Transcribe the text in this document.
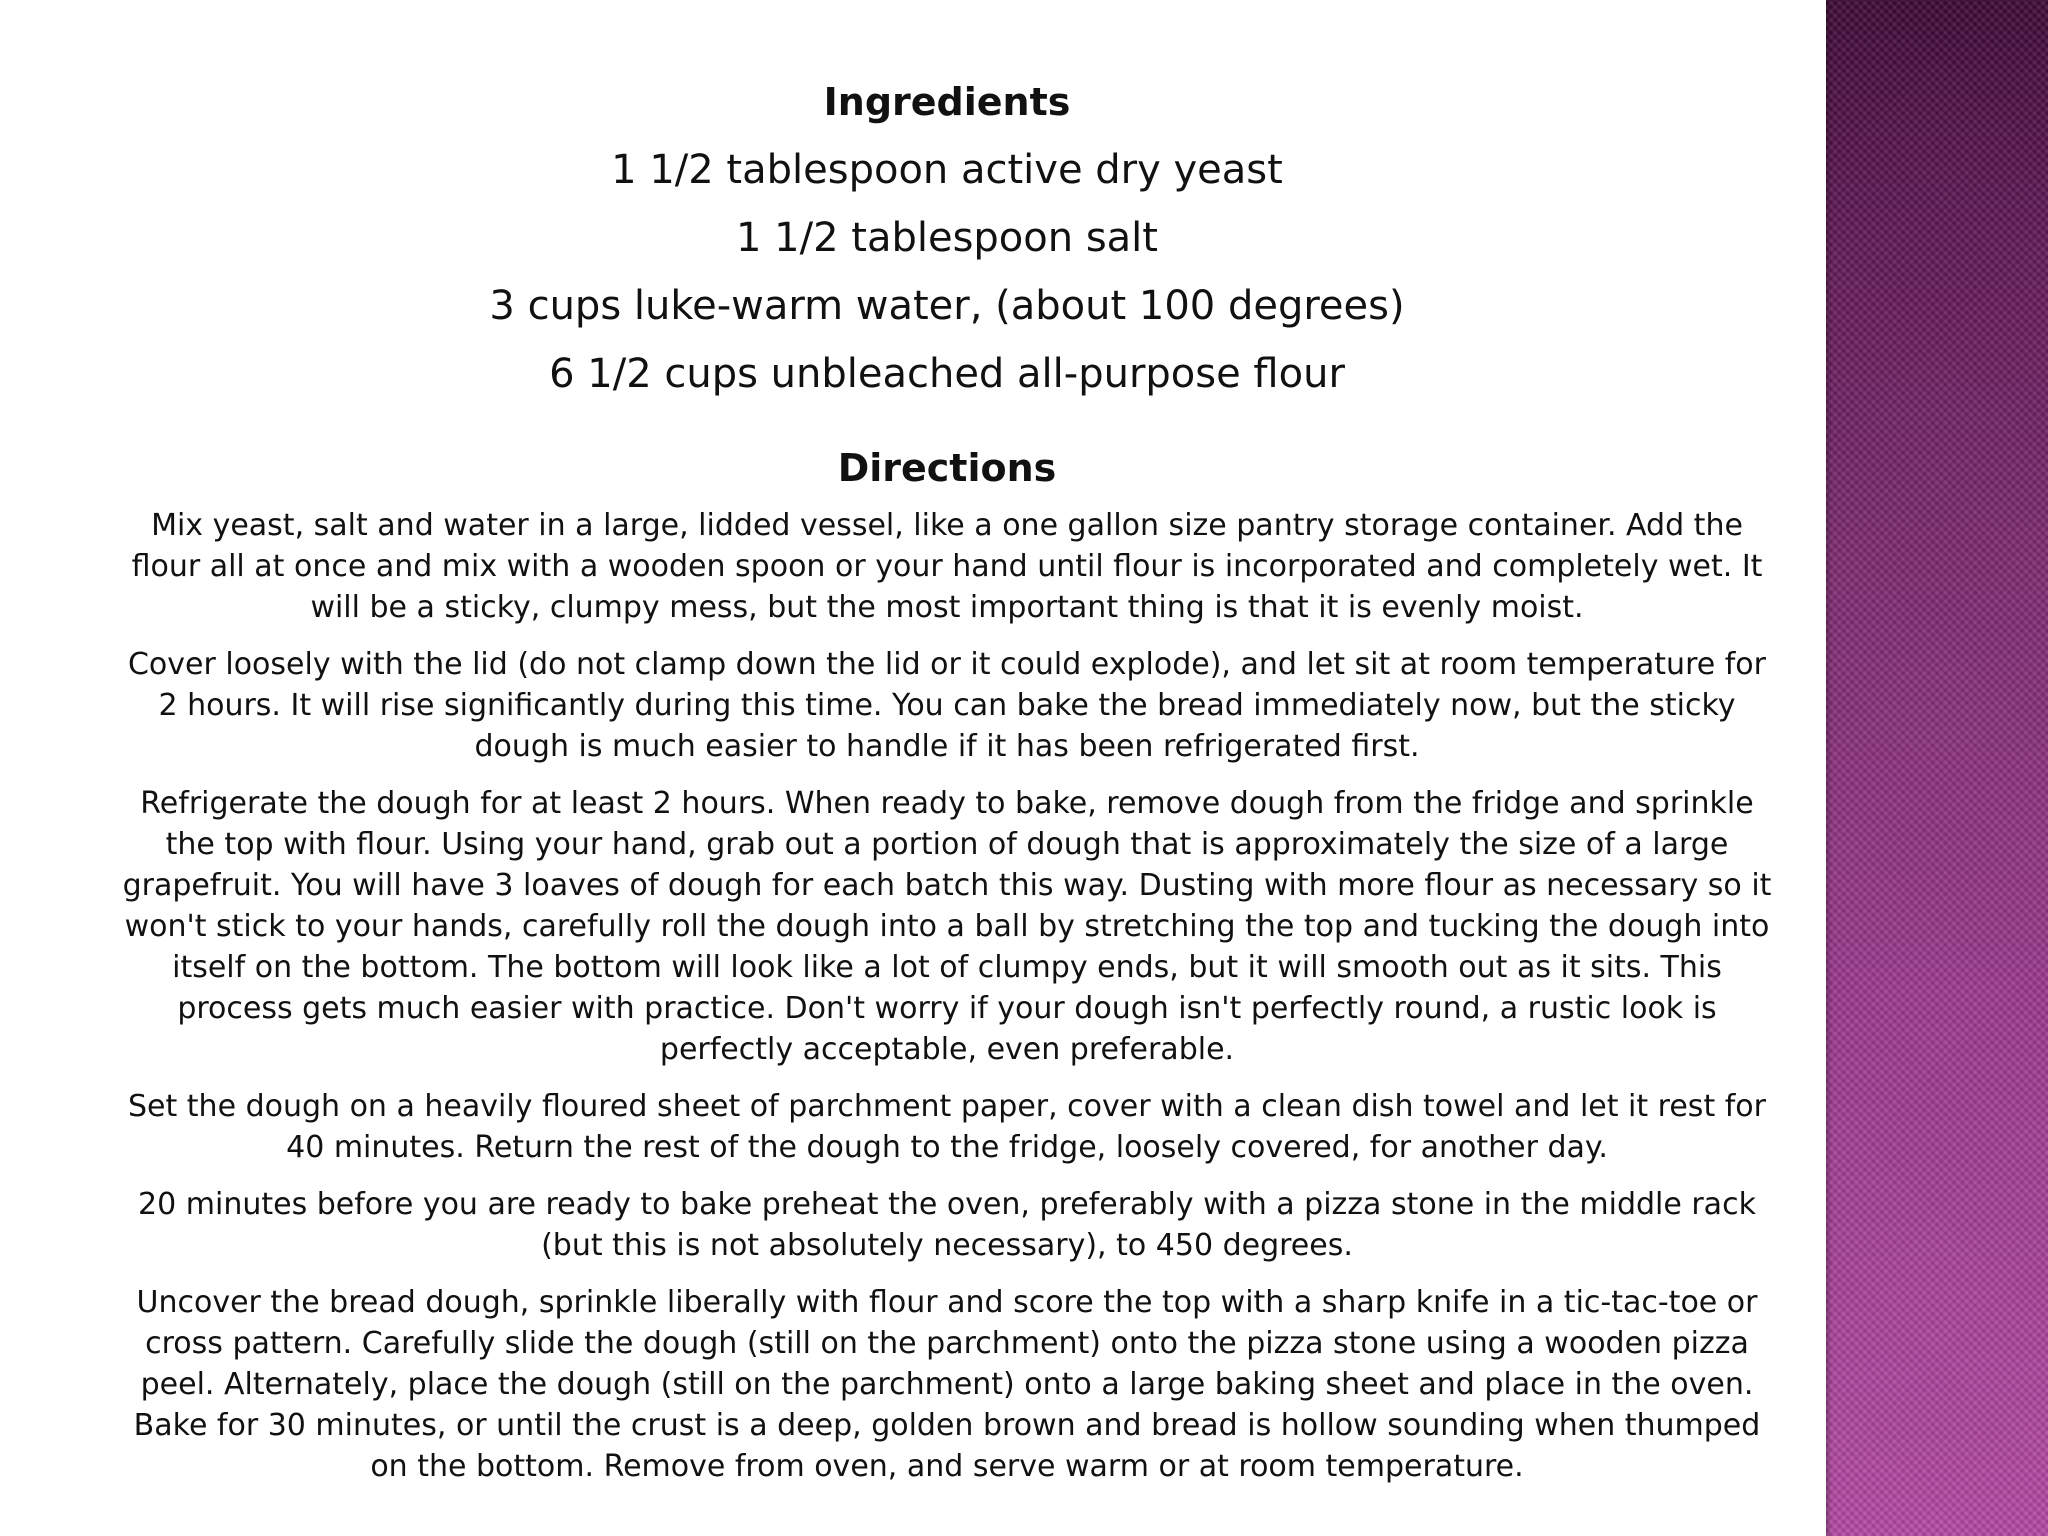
Ingredients
1 1/2 tablespoon active dry yeast
1 1/2 tablespoon salt
3 cups luke-warm water, (about 100 degrees)
6 1/2 cups unbleached all-purpose flour
Directions

Mix yeast, salt and water in a large, lidded vessel, like a one gallon size pantry storage container. Add the flour all at once and mix with a wooden spoon or your hand until flour is incorporated and completely wet. It will be a sticky, clumpy mess, but the most important thing is that it is evenly moist.

Cover loosely with the lid (do not clamp down the lid or it could explode), and let sit at room temperature for 2 hours. It will rise significantly during this time. You can bake the bread immediately now, but the sticky dough is much easier to handle if it has been refrigerated first.

Refrigerate the dough for at least 2 hours. When ready to bake, remove dough from the fridge and sprinkle the top with flour. Using your hand, grab out a portion of dough that is approximately the size of a large grapefruit. You will have 3 loaves of dough for each batch this way. Dusting with more flour as necessary so it won't stick to your hands, carefully roll the dough into a ball by stretching the top and tucking the dough into itself on the bottom. The bottom will look like a lot of clumpy ends, but it will smooth out as it sits. This process gets much easier with practice. Don't worry if your dough isn't perfectly round, a rustic look is perfectly acceptable, even preferable.

Set the dough on a heavily floured sheet of parchment paper, cover with a clean dish towel and let it rest for 40 minutes. Return the rest of the dough to the fridge, loosely covered, for another day.

20 minutes before you are ready to bake preheat the oven, preferably with a pizza stone in the middle rack (but this is not absolutely necessary), to 450 degrees.

Uncover the bread dough, sprinkle liberally with flour and score the top with a sharp knife in a tic-tac-toe or cross pattern. Carefully slide the dough (still on the parchment) onto the pizza stone using a wooden pizza peel. Alternately, place the dough (still on the parchment) onto a large baking sheet and place in the oven. Bake for 30 minutes, or until the crust is a deep, golden brown and bread is hollow sounding when thumped on the bottom. Remove from oven, and serve warm or at room temperature.
